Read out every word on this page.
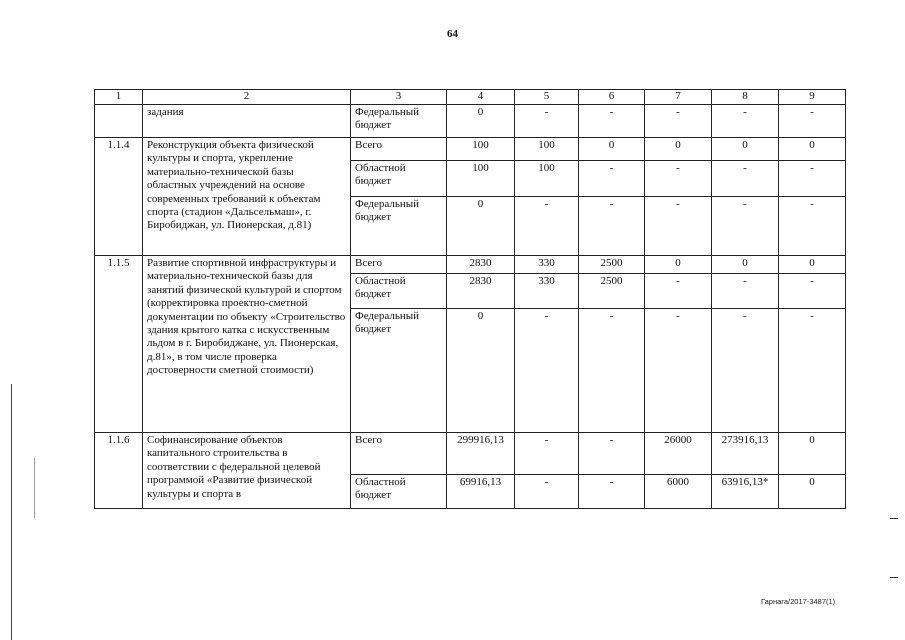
64
1	2	3	4	5	6	7	8	9
	задания	Федеральный бюджет	0	-	-	-	-	-
1.1.4	Реконструкция объекта физической культуры и спорта, укрепление материально-технической базы областных учреждений на основе современных требований к объектам спорта (стадион «Дальсельмаш», г. Биробиджан, ул. Пионерская, д.81)	Всего	100	100	0	0	0	0
		Областной бюджет	100	100	-	-	-	-
		Федеральный бюджет	0	-	-	-	-	-
1.1.5	Развитие спортивной инфраструктуры и материально-технической базы для занятий физической культурой и спортом (корректировка проектно-сметной документации по объекту «Строительство здания крытого катка с искусственным льдом в г. Биробиджане, ул. Пионерская, д.81», в том числе проверка достоверности сметной стоимости)	Всего	2830	330	2500	0	0	0
		Областной бюджет	2830	330	2500	-	-	-
		Федеральный бюджет	0	-	-	-	-	-
1.1.6	Софинансирование объектов капитального строительства в соответствии с федеральной целевой программой «Развитие физической культуры и спорта в	Всего	299916,13	-	-	26000	273916,13	0
		Областной бюджет	69916,13	-	-	6000	63916,13*	0
Гарнага/2017-3487(1)
